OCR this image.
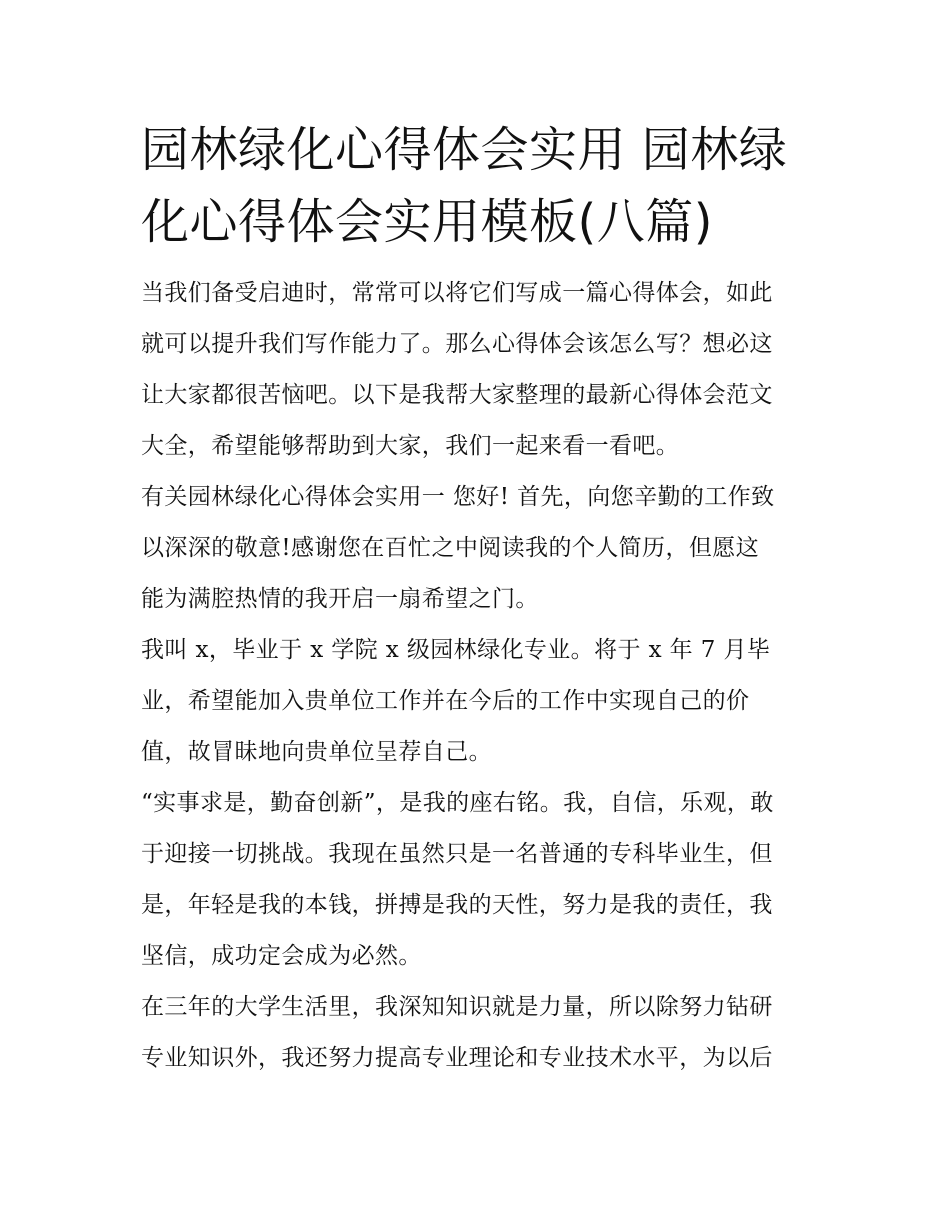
园林绿化心得体会实用 园林绿
化心得体会实用模板(八篇)

当我们备受启迪时，常常可以将它们写成一篇心得体会，如此
就可以提升我们写作能力了。那么心得体会该怎么写？想必这
让大家都很苦恼吧。以下是我帮大家整理的最新心得体会范文
大全，希望能够帮助到大家，我们一起来看一看吧。

有关园林绿化心得体会实用一 您好! 首先，向您辛勤的工作致
以深深的敬意!感谢您在百忙之中阅读我的个人简历，但愿这
能为满腔热情的我开启一扇希望之门。

我叫 x，毕业于 x 学院 x 级园林绿化专业。将于 x 年 7 月毕
业，希望能加入贵单位工作并在今后的工作中实现自己的价
值，故冒昧地向贵单位呈荐自己。

“实事求是，勤奋创新”，是我的座右铭。我，自信，乐观，敢
于迎接一切挑战。我现在虽然只是一名普通的专科毕业生，但
是，年轻是我的本钱，拼搏是我的天性，努力是我的责任，我
坚信，成功定会成为必然。

在三年的大学生活里，我深知知识就是力量，所以除努力钻研
专业知识外，我还努力提高专业理论和专业技术水平，为以后
